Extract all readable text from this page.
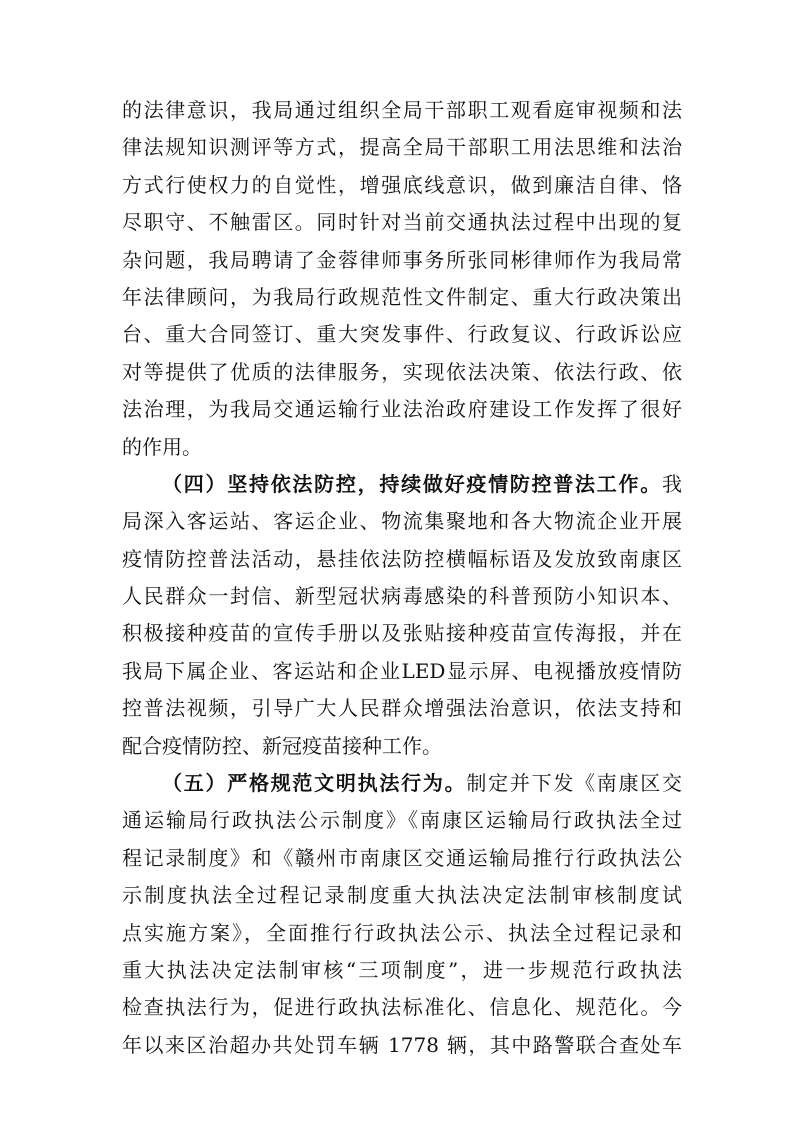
的法律意识，我局通过组织全局干部职工观看庭审视频和法
律法规知识测评等方式，提高全局干部职工用法思维和法治
方式行使权力的自觉性，增强底线意识，做到廉洁自律、恪
尽职守、不触雷区。同时针对当前交通执法过程中出现的复
杂问题，我局聘请了金蓉律师事务所张同彬律师作为我局常
年法律顾问，为我局行政规范性文件制定、重大行政决策出
台、重大合同签订、重大突发事件、行政复议、行政诉讼应
对等提供了优质的法律服务，实现依法决策、依法行政、依
法治理，为我局交通运输行业法治政府建设工作发挥了很好
的作用。
（四）坚持依法防控，持续做好疫情防控普法工作。我
局深入客运站、客运企业、物流集聚地和各大物流企业开展
疫情防控普法活动，悬挂依法防控横幅标语及发放致南康区
人民群众一封信、新型冠状病毒感染的科普预防小知识本、
积极接种疫苗的宣传手册以及张贴接种疫苗宣传海报，并在
我局下属企业、客运站和企业LED显示屏、电视播放疫情防
控普法视频，引导广大人民群众增强法治意识，依法支持和
配合疫情防控、新冠疫苗接种工作。
（五）严格规范文明执法行为。制定并下发《南康区交
通运输局行政执法公示制度》《南康区运输局行政执法全过
程记录制度》和《赣州市南康区交通运输局推行行政执法公
示制度执法全过程记录制度重大执法决定法制审核制度试
点实施方案》，全面推行行政执法公示、执法全过程记录和
重大执法决定法制审核“三项制度”，进一步规范行政执法
检查执法行为，促进行政执法标准化、信息化、规范化。今
年以来区治超办共处罚车辆 1778 辆，其中路警联合查处车
